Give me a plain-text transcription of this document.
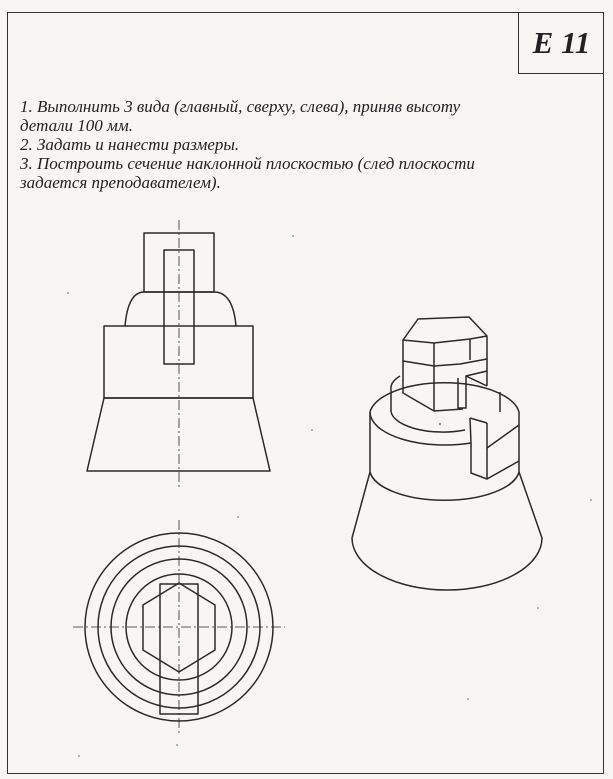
E 11
1. Выполнить 3 вида (главный, сверху, слева), приняв высоту
детали 100 мм.
2. Задать и нанести размеры.
3. Построить сечение наклонной плоскостью (след плоскости
задается преподавателем).
